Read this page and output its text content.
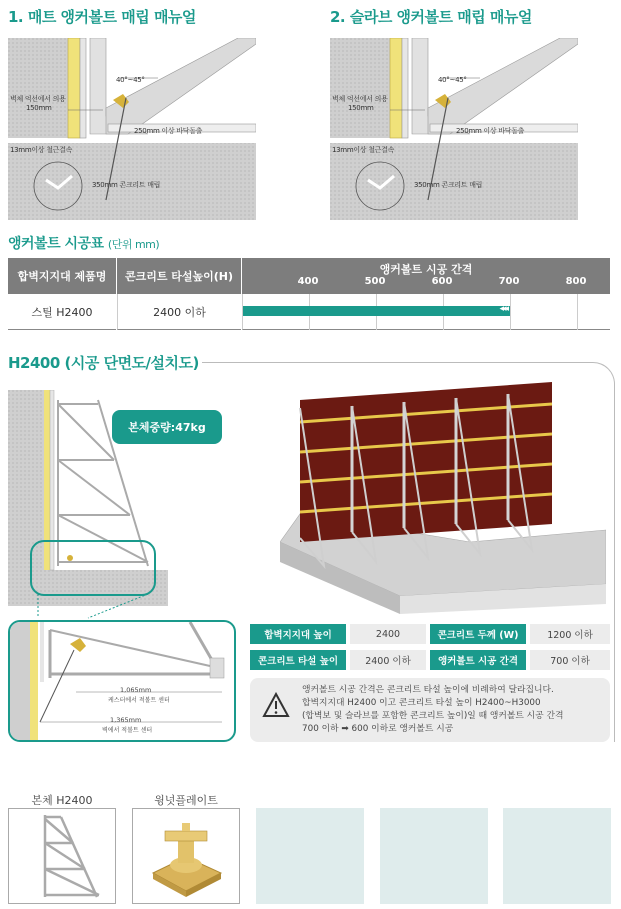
1. 매트 앵커볼트 매립 매뉴얼	2. 슬라브 앵커볼트 매립 매뉴얼
40°~45°
벽체 억선에서 의용
150mm
250mm 이상 바닥돌출
13mm이상 철근결속
350mm 콘크리트 매립
40°~45°
벽체 억선에서 의용
150mm
250mm 이상 바닥돌출
13mm이상 철근결속
350mm 콘크리트 매립
앵커볼트 시공표 (단위 mm)
합벽지지대 제품명	콘크리트 타설높이(H)
앵커볼트 시공 간격
400	500	600	700	800
스틸 H2400	2400 이하	◂◂◂
H2400 (시공 단면도/설치도)
본체중량:47kg
1,065mm
케스터에서 적볼트 센터
1,365mm
벽에서 적볼트 센터
합벽지지대 높이	2400	콘크리트 두께 (W)	1200 이하
콘크리트 타설 높이	2400 이하	앵커볼트 시공 간격	700 이하
앵커볼트 시공 간격은 콘크리트 타설 높이에 비례하여 달라집니다.
합벽지지대 H2400 이고 콘크리트 타설 높이 H2400~H3000
(합벽보 및 슬라브를 포함한 콘크리트 높이)일 때 앵커볼트 시공 간격
700 이하 ➡ 600 이하로 앵커볼트 시공
본체 H2400	윙넛플레이트
